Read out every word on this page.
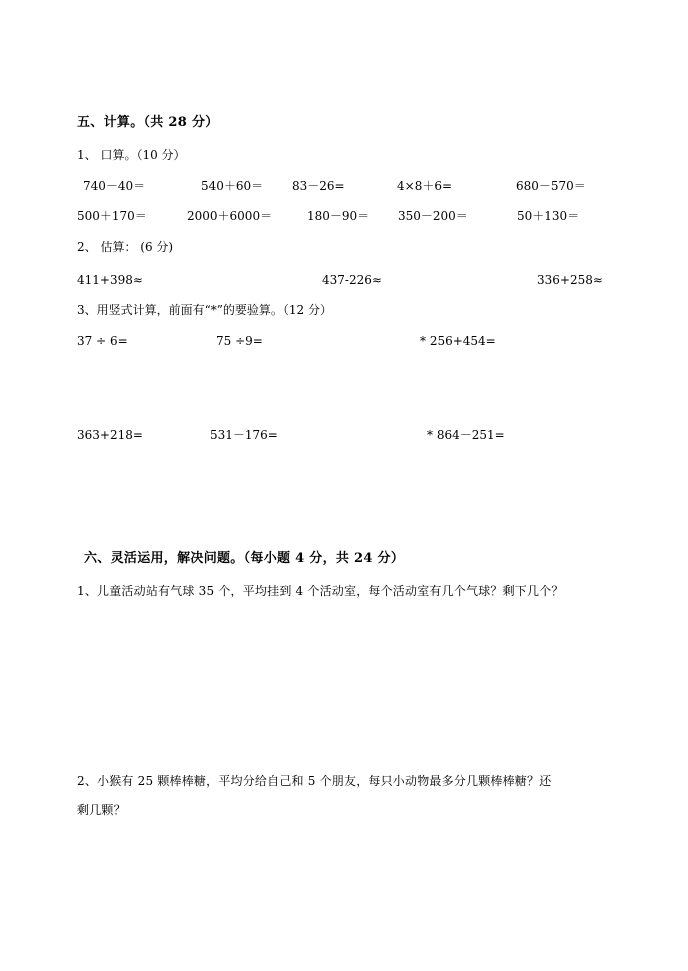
五、计算。（共 28 分）
1、 口算。（10 分）
740－40＝	540＋60＝ 83－26=	4×8＋6=	680－570＝
500＋170＝	2000＋6000＝	180－90＝ 350－200＝	50＋130＝
2、 估算： (6 分)
411+398≈	437-226≈	336+258≈
3、用竖式计算，前面有“*”的要验算。（12 分）
37 ÷ 6=	75 ÷9=	* 256+454=
363+218=	531－176=	* 864－251=
六、灵活运用，解决问题。（每小题 4 分，共 24 分）
1、儿童活动站有气球 35 个，平均挂到 4 个活动室，每个活动室有几个气球？剩下几个？
2、小猴有 25 颗棒棒糖，平均分给自己和 5 个朋友，每只小动物最多分几颗棒棒糖？还
剩几颗？
